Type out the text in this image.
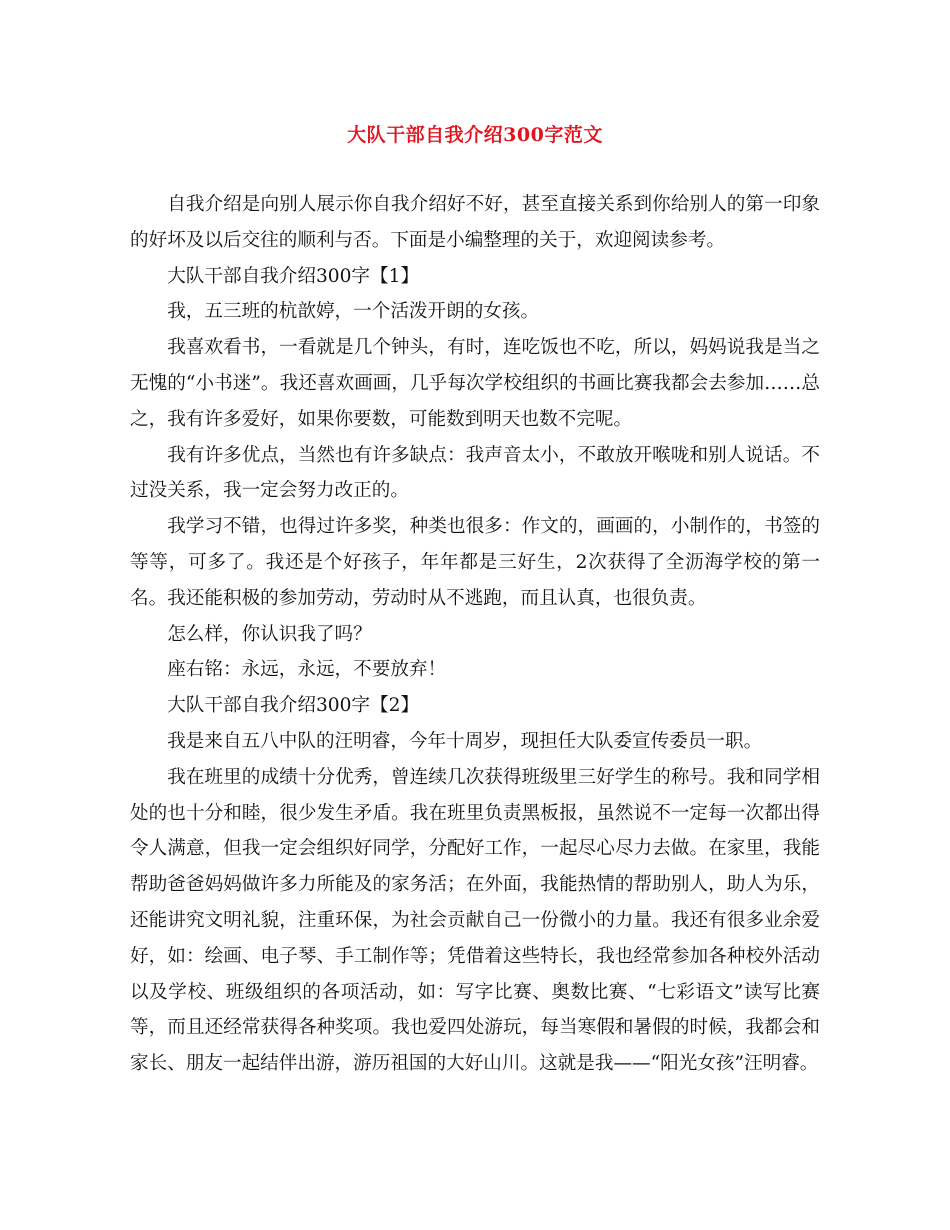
大队干部自我介绍300字范文

自我介绍是向别人展示你自我介绍好不好，甚至直接关系到你给别人的第一印象的好坏及以后交往的顺利与否。下面是小编整理的关于，欢迎阅读参考。

大队干部自我介绍300字【1】

我，五三班的杭歆婷，一个活泼开朗的女孩。

我喜欢看书，一看就是几个钟头，有时，连吃饭也不吃，所以，妈妈说我是当之无愧的“小书迷”。我还喜欢画画，几乎每次学校组织的书画比赛我都会去参加……总之，我有许多爱好，如果你要数，可能数到明天也数不完呢。

我有许多优点，当然也有许多缺点：我声音太小，不敢放开喉咙和别人说话。不过没关系，我一定会努力改正的。

我学习不错，也得过许多奖，种类也很多：作文的，画画的，小制作的，书签的等等，可多了。我还是个好孩子，年年都是三好生，2次获得了全沥海学校的第一名。我还能积极的参加劳动，劳动时从不逃跑，而且认真，也很负责。

怎么样，你认识我了吗？

座右铭：永远，永远，不要放弃！

大队干部自我介绍300字【2】

我是来自五八中队的汪明睿，今年十周岁，现担任大队委宣传委员一职。

我在班里的成绩十分优秀，曾连续几次获得班级里三好学生的称号。我和同学相处的也十分和睦，很少发生矛盾。我在班里负责黑板报，虽然说不一定每一次都出得令人满意，但我一定会组织好同学，分配好工作，一起尽心尽力去做。在家里，我能帮助爸爸妈妈做许多力所能及的家务活；在外面，我能热情的帮助别人，助人为乐，还能讲究文明礼貌，注重环保，为社会贡献自己一份微小的力量。我还有很多业余爱好，如：绘画、电子琴、手工制作等；凭借着这些特长，我也经常参加各种校外活动以及学校、班级组织的各项活动，如：写字比赛、奥数比赛、“七彩语文”读写比赛等，而且还经常获得各种奖项。我也爱四处游玩，每当寒假和暑假的时候，我都会和家长、朋友一起结伴出游，游历祖国的大好山川。这就是我——“阳光女孩”汪明睿。
